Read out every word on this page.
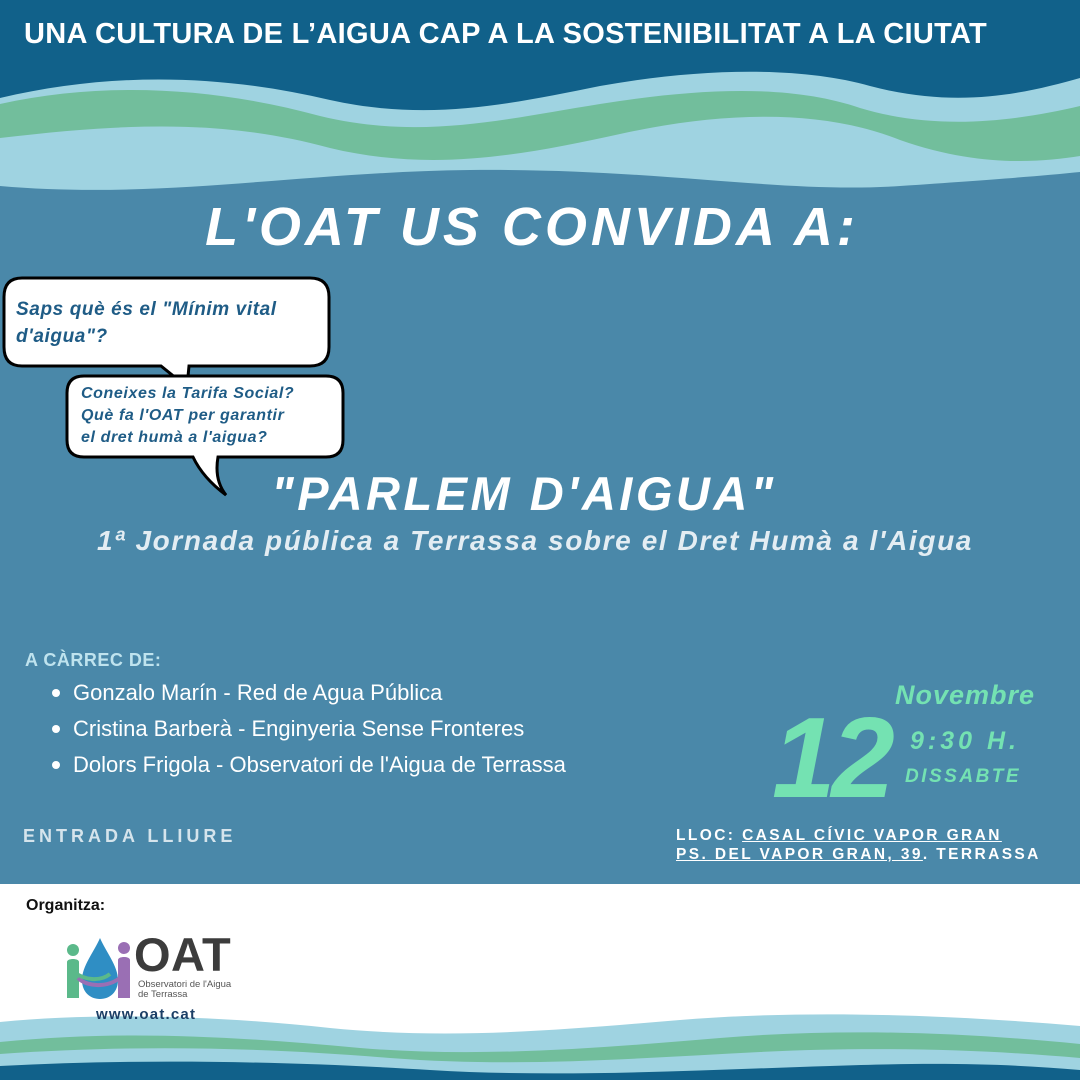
UNA CULTURA DE L’AIGUA CAP A LA SOSTENIBILITAT A LA CIUTAT
L'OAT US CONVIDA A:

Saps què és el "Mínim vital
d'aigua"?

Coneixes la Tarifa Social?
Què fa l'OAT per garantir
el dret humà a l'aigua?

"PARLEM D'AIGUA"

1ª Jornada pública a Terrassa sobre el Dret Humà a l'Aigua

A CÀRREC DE:

Gonzalo Marín - Red de Agua Pública
Cristina Barberà - Enginyeria Sense Fronteres
Dolors Frigola - Observatori de l'Aigua de Terrassa

ENTRADA LLIURE

Novembre

12 9:30 H.

DISSABTE

LLOC: CASAL CÍVIC VAPOR GRAN

PS. DEL VAPOR GRAN, 39. TERRASSA

Organitza:

OAT

Observatori de l'Aigua
de Terrassa

www.oat.cat
